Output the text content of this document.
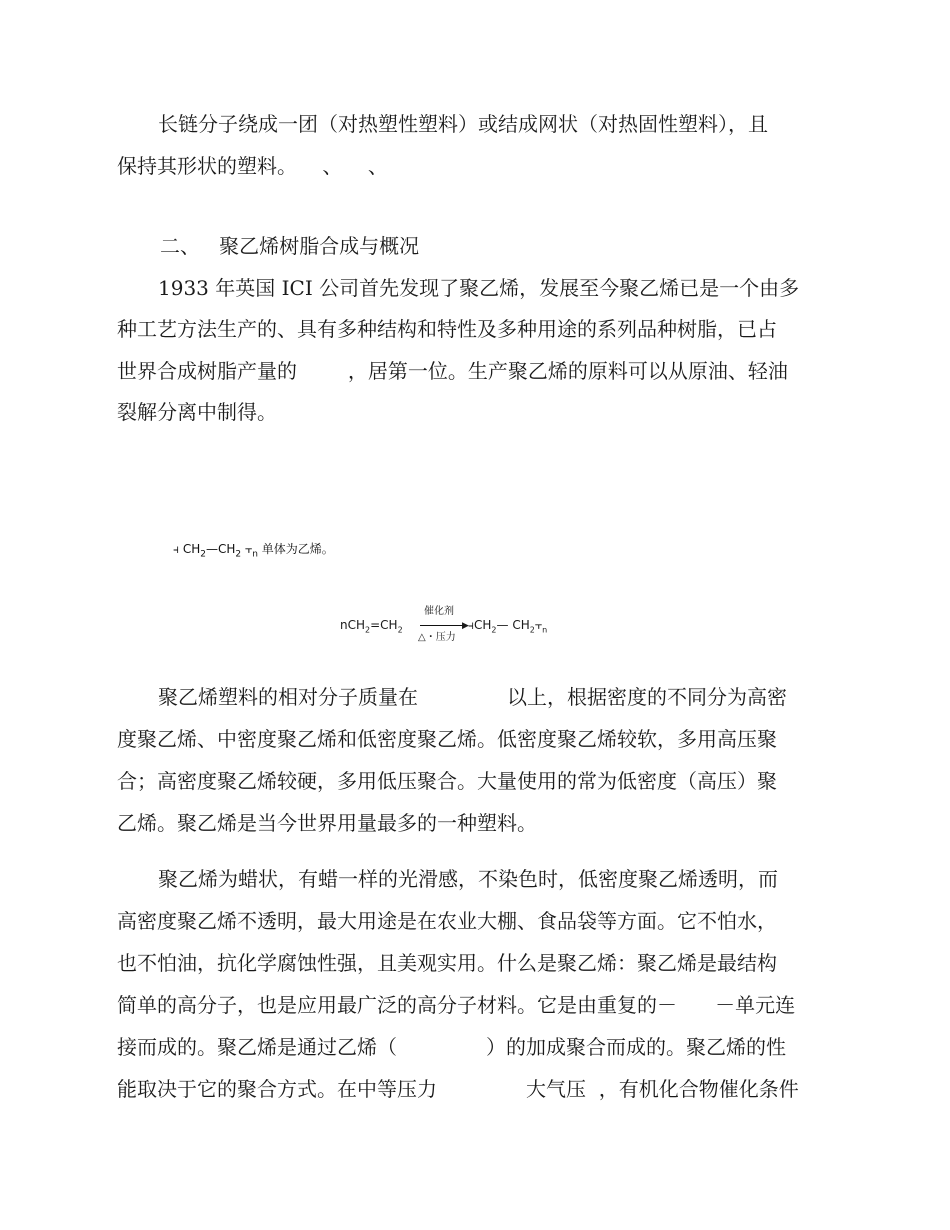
长链分子绕成一团（对热塑性塑料）或结成网状（对热固性塑料），且
保持其形状的塑料。    、    、
二、   聚乙烯树脂合成与概况
1933 年英国 ICI 公司首先发现了聚乙烯，发展至今聚乙烯已是一个由多
种工艺方法生产的、具有多种结构和特性及多种用途的系列品种树脂，已占
世界合成树脂产量的        ，居第一位。生产聚乙烯的原料可以从原油、轻油
裂解分离中制得。
⫞ $CH_2—CH_2$ $⫟_n$ 单体为乙烯。
$nCH_2=CH_2$
催化剂
▶
△・压力
$⫞CH_2—$ $CH_2⫟_n$
聚乙烯塑料的相对分子质量在              以上，根据密度的不同分为高密
度聚乙烯、中密度聚乙烯和低密度聚乙烯。低密度聚乙烯较软，多用高压聚
合；高密度聚乙烯较硬，多用低压聚合。大量使用的常为低密度（高压）聚
乙烯。聚乙烯是当今世界用量最多的一种塑料。
聚乙烯为蜡状，有蜡一样的光滑感，不染色时，低密度聚乙烯透明，而
高密度聚乙烯不透明，最大用途是在农业大棚、食品袋等方面。它不怕水，
也不怕油，抗化学腐蚀性强，且美观实用。什么是聚乙烯：聚乙烯是最结构
简单的高分子，也是应用最广泛的高分子材料。它是由重复的－      －单元连
接而成的。聚乙烯是通过乙烯（              ）的加成聚合而成的。聚乙烯的性
能取决于它的聚合方式。在中等压力              大气压  ，有机化合物催化条件
